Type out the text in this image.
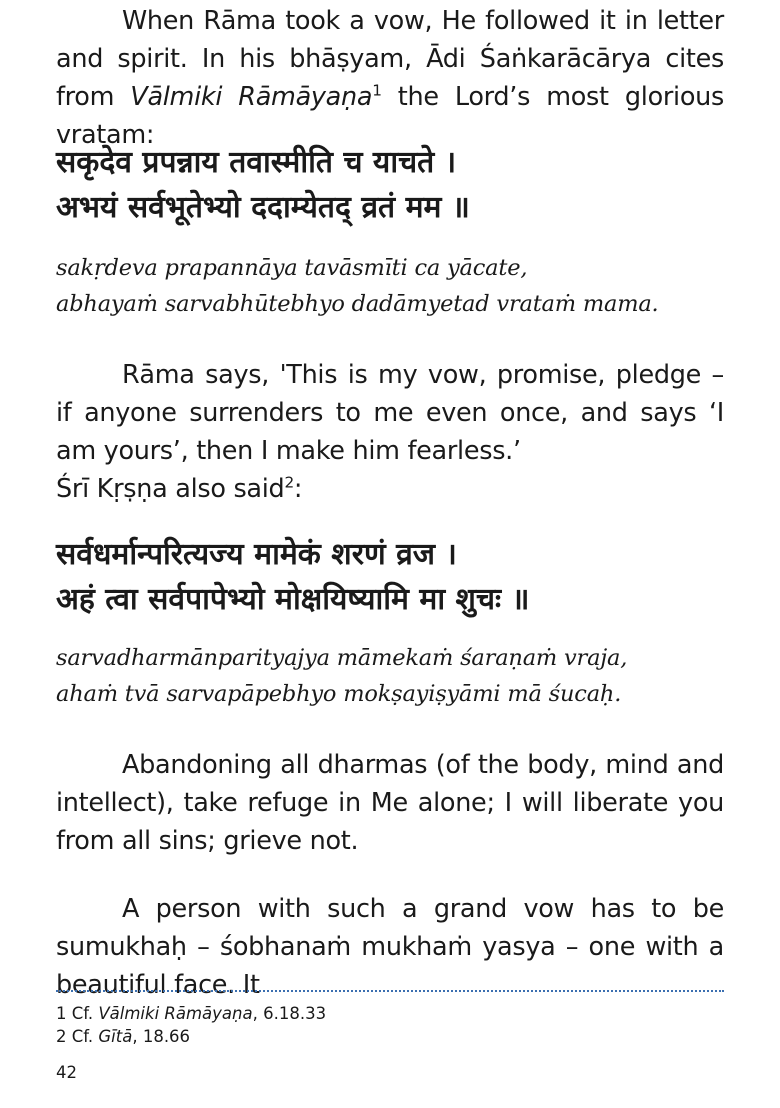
When Rāma took a vow, He followed it in letter and spirit. In his bhāṣyam, Ādi Śaṅkarācārya cites from Vālmiki Rāmāyaṇa$^1$ the Lord’s most glorious vratam:

सकृदेव प्रपन्नाय तवास्मीति च याचते ।
अभयं सर्वभूतेभ्यो ददाम्येतद् व्रतं मम ॥
sakṛdeva prapannāya tavāsmīti ca yācate,
abhayaṁ sarvabhūtebhyo dadāmyetad vrataṁ mama.

Rāma says, 'This is my vow, promise, pledge – if anyone surrenders to me even once, and says ‘I am yours’, then I make him fearless.’

Śrī Kṛṣṇa also said$^2$:

सर्वधर्मान्परित्यज्य मामेकं शरणं व्रज ।
अहं त्वा सर्वपापेभ्यो मोक्षयिष्यामि मा शुचः ॥
sarvadharmānparityajya māmekaṁ śaraṇaṁ vraja,
ahaṁ tvā sarvapāpebhyo mokṣayiṣyāmi mā śucaḥ.

Abandoning all dharmas (of the body, mind and intellect), take refuge in Me alone; I will liberate you from all sins; grieve not.

A person with such a grand vow has to be sumukhaḥ – śobhanaṁ mukhaṁ yasya – one with a beautiful face. It

1 Cf. Vālmiki Rāmāyaṇa, 6.18.33
2 Cf. Gītā, 18.66
42
